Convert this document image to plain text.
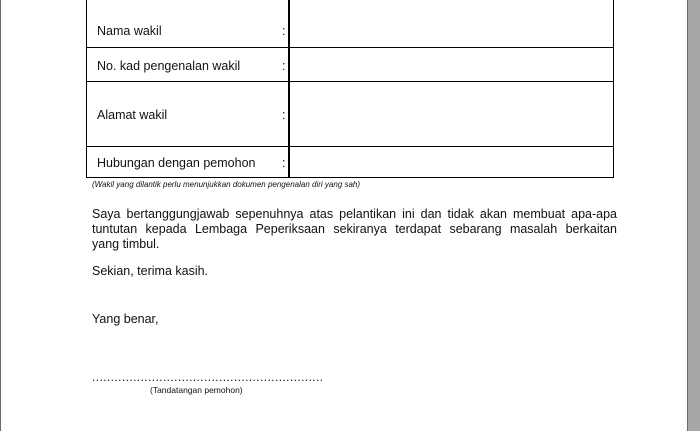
Nama wakil	:
No. kad pengenalan wakil	:
Alamat wakil	:
Hubungan dengan pemohon :
(Wakil yang dilantik perlu menunjukkan dokumen pengenalan diri yang sah)
Saya bertanggungjawab sepenuhnya atas pelantikan ini dan tidak akan membuat apa-apa
tuntutan kepada Lembaga Peperiksaan sekiranya terdapat sebarang masalah berkaitan
yang timbul.
Sekian, terima kasih.
Yang benar,
..............................................................
(Tandatangan pemohon)
